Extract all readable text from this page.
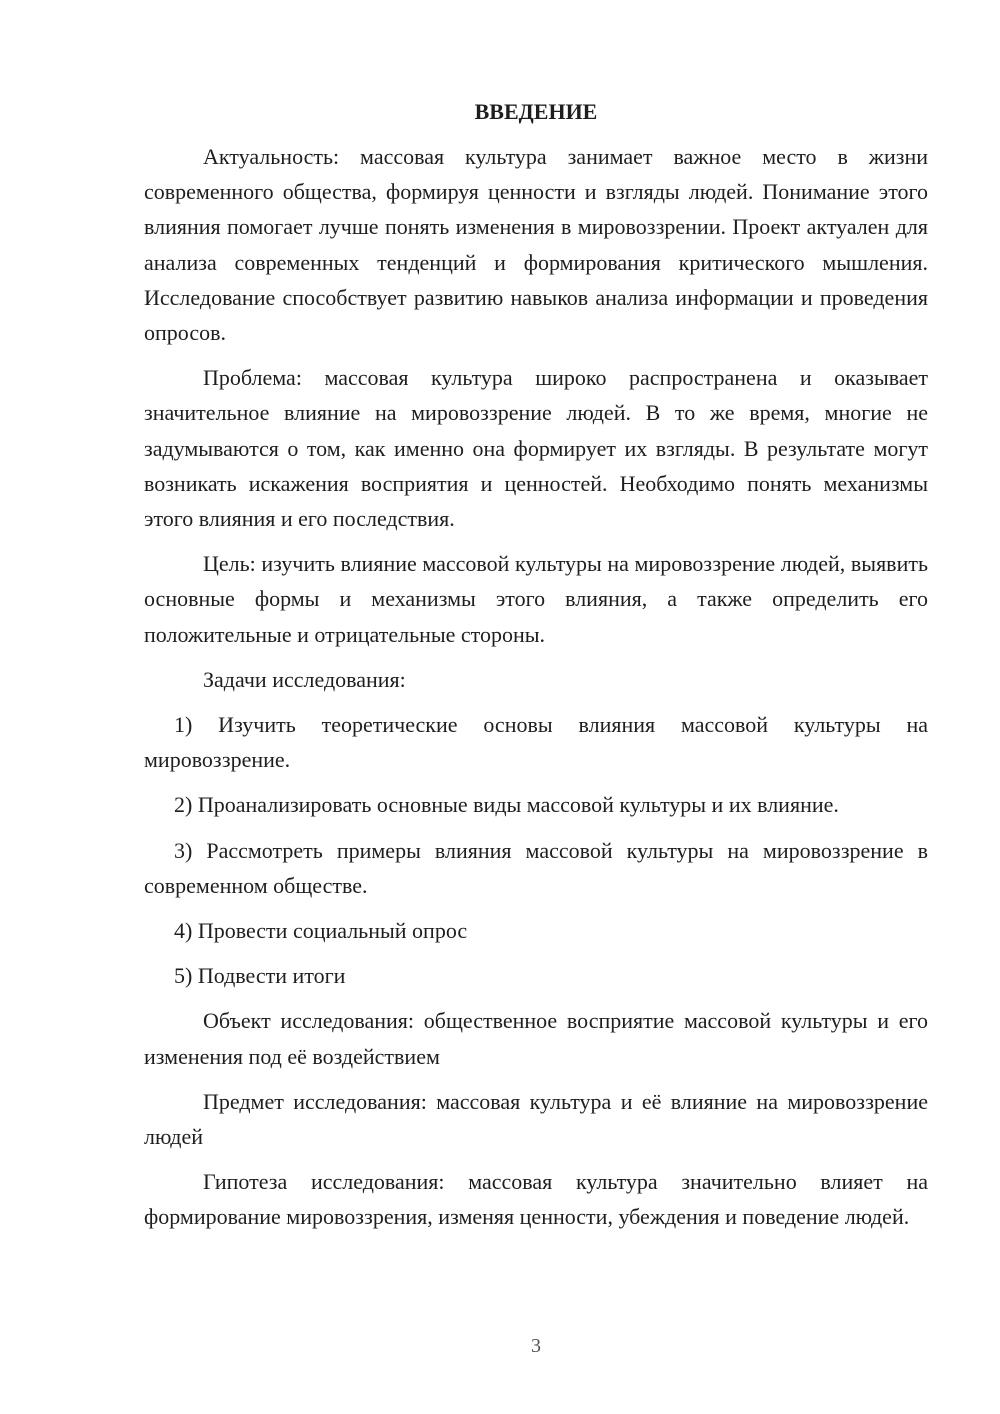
ВВЕДЕНИЕ

Актуальность: массовая культура занимает важное место в жизни современного общества, формируя ценности и взгляды людей. Понимание этого влияния помогает лучше понять изменения в мировоззрении. Проект актуален для анализа современных тенденций и формирования критического мышления. Исследование способствует развитию навыков анализа информации и проведения опросов.

Проблема: массовая культура широко распространена и оказывает значительное влияние на мировоззрение людей. В то же время, многие не задумываются о том, как именно она формирует их взгляды. В результате могут возникать искажения восприятия и ценностей. Необходимо понять механизмы этого влияния и его последствия.

Цель: изучить влияние массовой культуры на мировоззрение людей, выявить основные формы и механизмы этого влияния, а также определить его положительные и отрицательные стороны.

Задачи исследования:

1) Изучить теоретические основы влияния массовой культуры на мировоззрение.

2) Проанализировать основные виды массовой культуры и их влияние.

3) Рассмотреть примеры влияния массовой культуры на мировоззрение в современном обществе.

4) Провести социальный опрос

5) Подвести итоги

Объект исследования: общественное восприятие массовой культуры и его изменения под её воздействием

Предмет исследования: массовая культура и её влияние на мировоззрение людей

Гипотеза исследования: массовая культура значительно влияет на формирование мировоззрения, изменяя ценности, убеждения и поведение людей.

3
